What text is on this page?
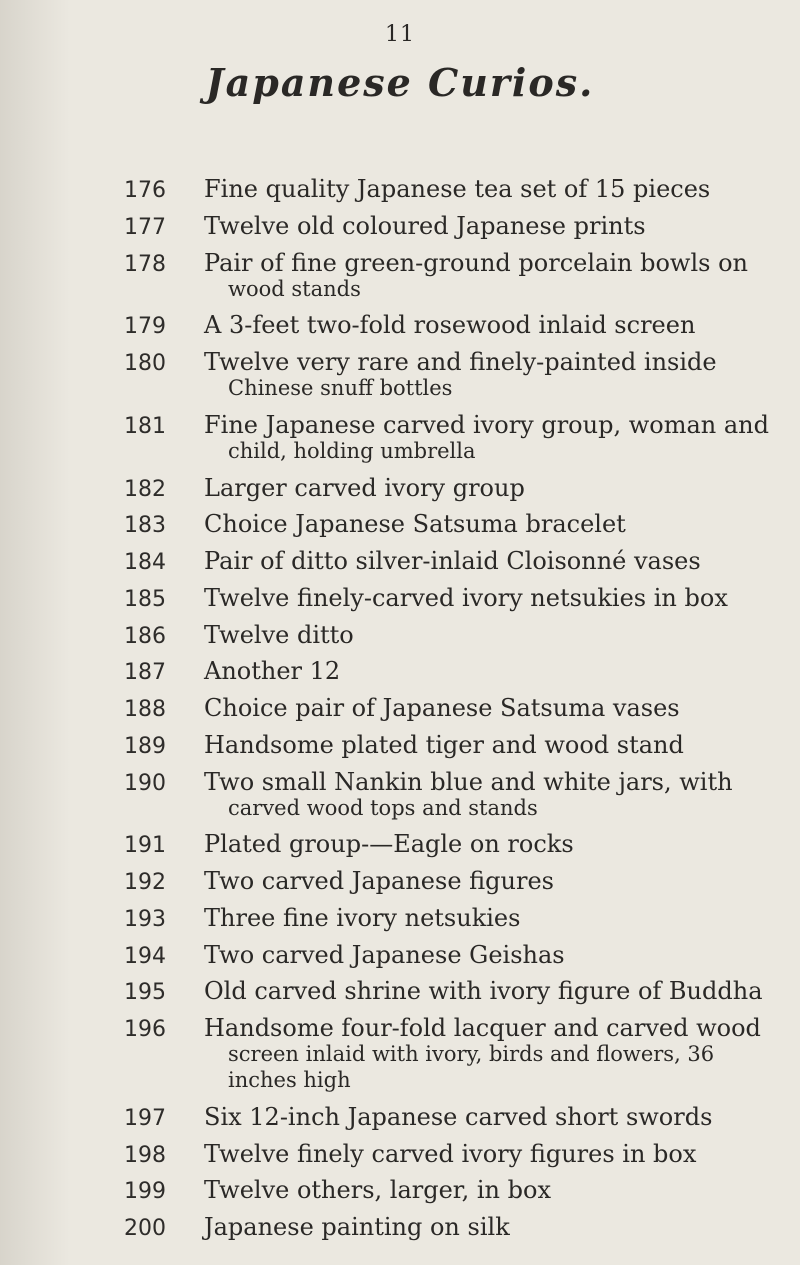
11
Japanese Curios.
176 Fine quality Japanese tea set of 15 pieces
177 Twelve old coloured Japanese prints
178 Pair of fine green-ground porcelain bowls on
wood stands
179 A 3-feet two-fold rosewood inlaid screen
180 Twelve very rare and finely-painted inside
Chinese snuff bottles
181 Fine Japanese carved ivory group, woman and
child, holding umbrella
182 Larger carved ivory group
183 Choice Japanese Satsuma bracelet
184 Pair of ditto silver-inlaid Cloisonné vases
185 Twelve finely-carved ivory netsukies in box
186 Twelve ditto
187 Another 12
188 Choice pair of Japanese Satsuma vases
189 Handsome plated tiger and wood stand
190 Two small Nankin blue and white jars, with
carved wood tops and stands
191 Plated group-—Eagle on rocks
192 Two carved Japanese figures
193 Three fine ivory netsukies
194 Two carved Japanese Geishas
195 Old carved shrine with ivory figure of Buddha
196 Handsome four-fold lacquer and carved wood
screen inlaid with ivory, birds and flowers, 36
inches high
197 Six 12-inch Japanese carved short swords
198 Twelve finely carved ivory figures in box
199 Twelve others, larger, in box
200 Japanese painting on silk
